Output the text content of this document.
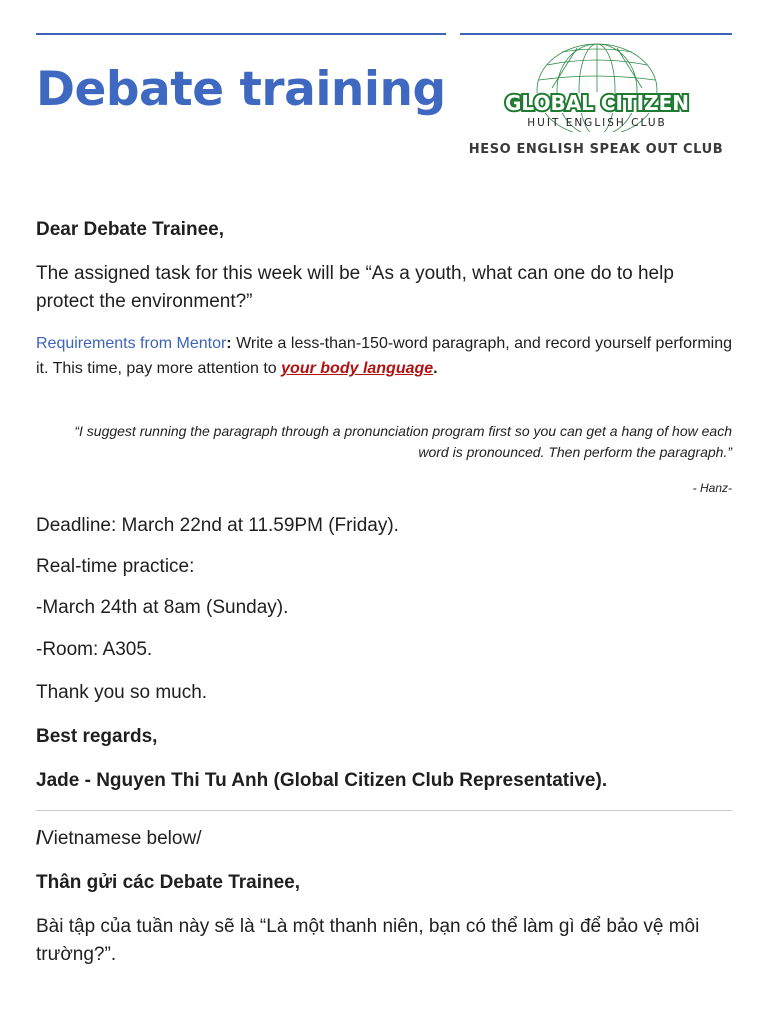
Debate training	GLOBAL CITIZEN
HUIT ENGLISH CLUB
HESO ENGLISH SPEAK OUT CLUB

Dear Debate Trainee,

The assigned task for this week will be “As a youth, what can one do to help protect the environment?”

Requirements from Mentor: Write a less-than-150-word paragraph, and record yourself performing it. This time, pay more attention to your body language.

“I suggest running the paragraph through a pronunciation program first so you can get a hang of how each word is pronounced. Then perform the paragraph.”
- Hanz-

Deadline: March 22nd at 11.59PM (Friday).

Real-time practice:

-March 24th at 8am (Sunday).

-Room: A305.

Thank you so much.

Best regards,

Jade - Nguyen Thi Tu Anh (Global Citizen Club Representative).

/Vietnamese below/

Thân gửi các Debate Trainee,

Bài tập của tuần này sẽ là “Là một thanh niên, bạn có thể làm gì để bảo vệ môi trường?”.
